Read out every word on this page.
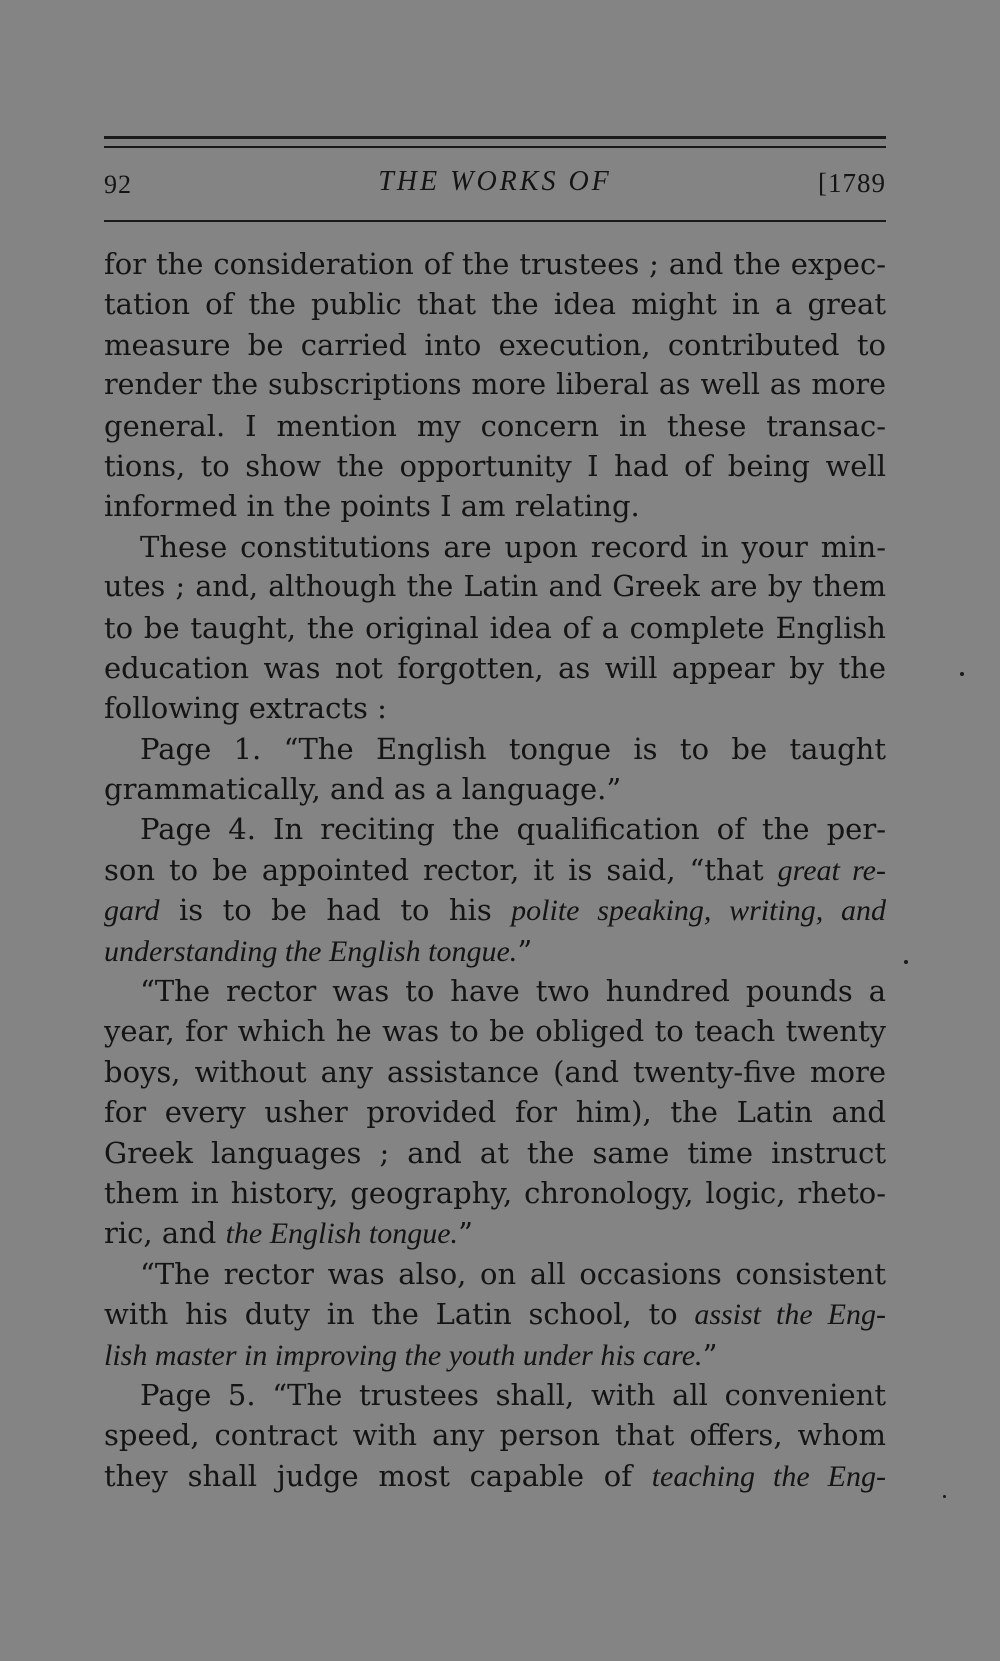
92	THE WORKS OF	[1789
for the consideration of the trustees ; and the expec-
tation of the public that the idea might in a great
measure be carried into execution, contributed to
render the subscriptions more liberal as well as more
general. I mention my concern in these transac-
tions, to show the opportunity I had of being well
informed in the points I am relating.
These constitutions are upon record in your min-
utes ; and, although the Latin and Greek are by them
to be taught, the original idea of a complete English
education was not forgotten, as will appear by the
following extracts :
Page 1. “The English tongue is to be taught
grammatically, and as a language.”
Page 4. In reciting the qualification of the per-
son to be appointed rector, it is said, “that great re-
gard is to be had to his polite speaking, writing, and
understanding the English tongue.”
“The rector was to have two hundred pounds a
year, for which he was to be obliged to teach twenty
boys, without any assistance (and twenty-five more
for every usher provided for him), the Latin and
Greek languages ; and at the same time instruct
them in history, geography, chronology, logic, rheto-
ric, and the English tongue.”
“The rector was also, on all occasions consistent
with his duty in the Latin school, to assist the Eng-
lish master in improving the youth under his care.”
Page 5. “The trustees shall, with all convenient
speed, contract with any person that offers, whom
they shall judge most capable of teaching the Eng-
